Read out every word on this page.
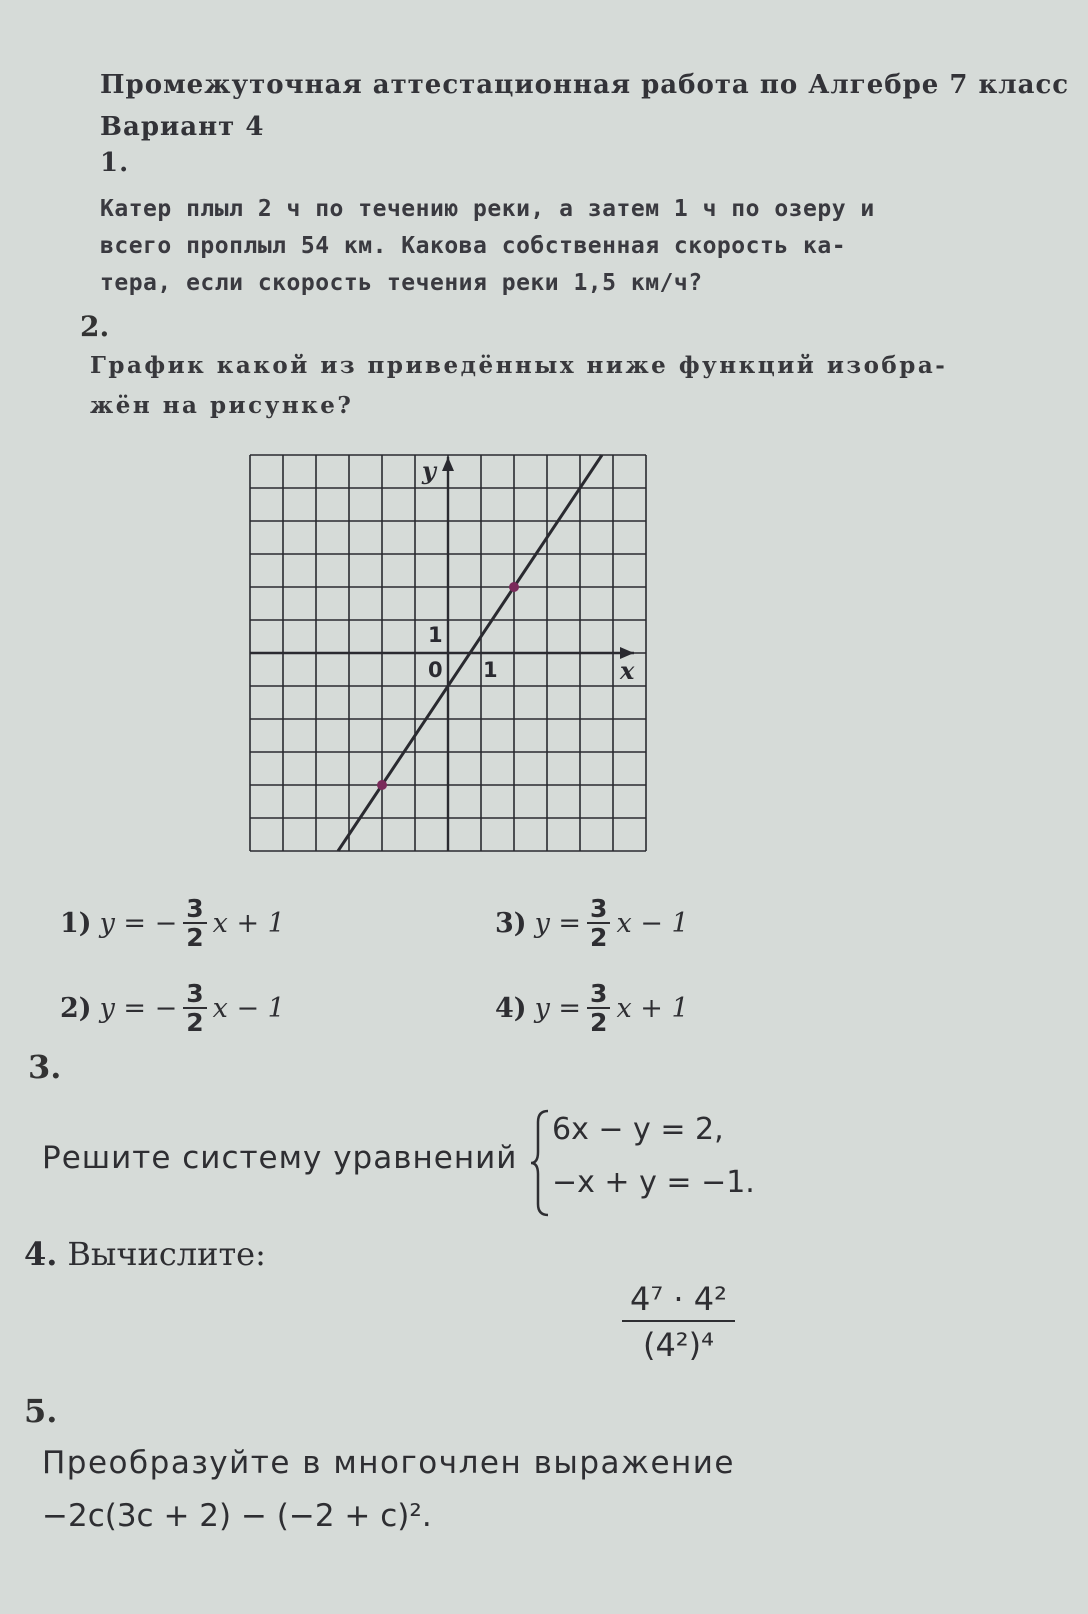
Промежуточная аттестационная работа по Алгебре 7 класс
Вариант 4
1.
Катер плыл 2 ч по течению реки, а затем 1 ч по озеру и
всего проплыл 54 км. Какова собственная скорость ка-
тера, если скорость течения реки 1,5 км/ч?
2.
График какой из приведённых ниже функций изобра-
жён на рисунке?
y
x
0 1
1
1) y = − $\frac{3}{2}$ x + 1
2) y = − $\frac{3}{2}$ x − 1
3) $y = \frac{3}{2}$ x − 1
4) $y = \frac{3}{2}$ x + 1
3.
Решите систему уравнений
6x − y = 2,
−x + y = −1.
4. Вычислите:
$\frac{\text{4⁷ · 4²}}{\text{(4²)⁴}}$
5.
Преобразуйте в многочлен выражение
−2c(3c + 2) − (−2 + c)².
